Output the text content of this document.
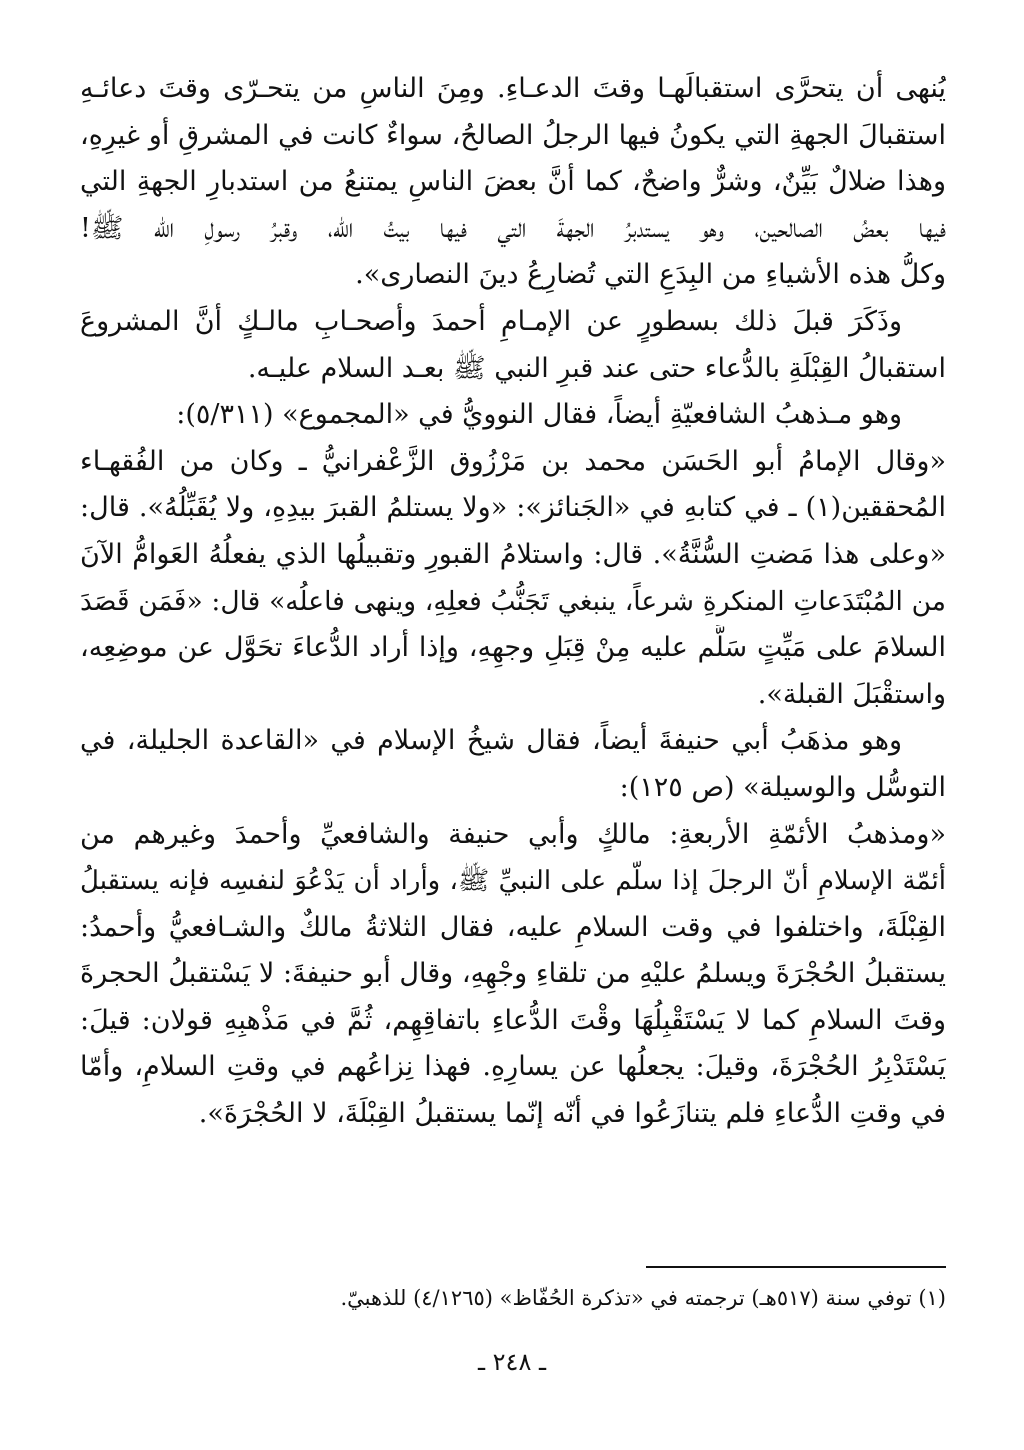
يُنهى أن يتحرَّى استقبالَهـا وقتَ الدعـاءِ. ومِنَ الناسِ من يتحـرّى وقتَ دعائـهِ
استقبالَ الجهةِ التي يكونُ فيها الرجلُ الصالحُ، سواءٌ كانت في المشرقِ أو غيرِهِ،
وهذا ضلالٌ بَيِّنٌ، وشرٌّ واضحٌ، كما أنَّ بعضَ الناسِ يمتنعُ من استدبارِ الجهةِ التي
فيها بعضُ الصالحين، وهو يستدبرُ الجهةَ التي فيها بيتُ الله، وقبرُ رسولِ الله ﷺ!
وكلُّ هذه الأشياءِ من البِدَعِ التي تُضارِعُ دينَ النصارى».
وذَكَرَ قبلَ ذلك بسطورٍ عن الإمـامِ أحمدَ وأصحـابِ مالـكٍ أنَّ المشروعَ
استقبالُ القِبْلَةِ بالدُّعاء حتى عند قبرِ النبي ﷺ بعـد السلام عليـه.
وهو مـذهبُ الشافعيّةِ أيضاً، فقال النوويُّ في «المجموع» (٥/٣١١):
«وقال الإمامُ أبو الحَسَن محمد بن مَرْزُوق الزَّعْفرانيُّ ـ وكان من الفُقهـاء
المُحققين(١) ـ في كتابهِ في «الجَنائز»: «ولا يستلمُ القبرَ بيدِهِ، ولا يُقَبِّلُهُ». قال:
«وعلى هذا مَضتِ السُّنَّةُ». قال: واستلامُ القبورِ وتقبيلُها الذي يفعلُهُ العَوامُّ الآنَ
من المُبْتَدَعاتِ المنكرةِ شرعاً، ينبغي تَجَنُّبُ فعلِهِ، وينهى فاعلُه» قال: «فَمَن قَصَدَ
السلامَ على مَيِّتٍ سَلَّم عليه مِنْ قِبَلِ وجهِهِ، وإذا أراد الدُّعاءَ تحَوَّل عن موضِعِه،
واستقْبَلَ القبلة».
وهو مذهَبُ أبي حنيفةَ أيضاً، فقال شيخُ الإسلام في «القاعدة الجليلة، في
التوسُّل والوسيلة» (ص ١٢٥):
«ومذهبُ الأئمّةِ الأربعةِ: مالكٍ وأبي حنيفة والشافعيِّ وأحمدَ وغيرهم من
أئمّة الإسلامِ أنّ الرجلَ إذا سلّم على النبيِّ ﷺ، وأراد أن يَدْعُوَ لنفسِه فإنه يستقبلُ
القِبْلَةَ، واختلفوا في وقت السلامِ عليه، فقال الثلاثةُ مالكٌ والشـافعيُّ وأحمدُ:
يستقبلُ الحُجْرَةَ ويسلمُ عليْهِ من تلقاءِ وجْهِهِ، وقال أبو حنيفةَ: لا يَسْتقبلُ الحجرةَ
وقتَ السلامِ كما لا يَسْتَقْبِلُهَا وقْتَ الدُّعاءِ باتفاقِهِم، ثُمَّ في مَذْهبِهِ قولان: قيلَ:
يَسْتَدْبِرُ الحُجْرَةَ، وقيلَ: يجعلُها عن يسارِهِ. فهذا نِزاعُهم في وقتِ السلامِ، وأمّا
في وقتِ الدُّعاءِ فلم يتنازَعُوا في أنّه إنّما يستقبلُ القِبْلَةَ، لا الحُجْرَةَ».
(١) توفي سنة (٥١٧هـ) ترجمته في «تذكرة الحُفّاظ» (٤/١٢٦٥) للذهبيّ.
ـ ٢٤٨ ـ
